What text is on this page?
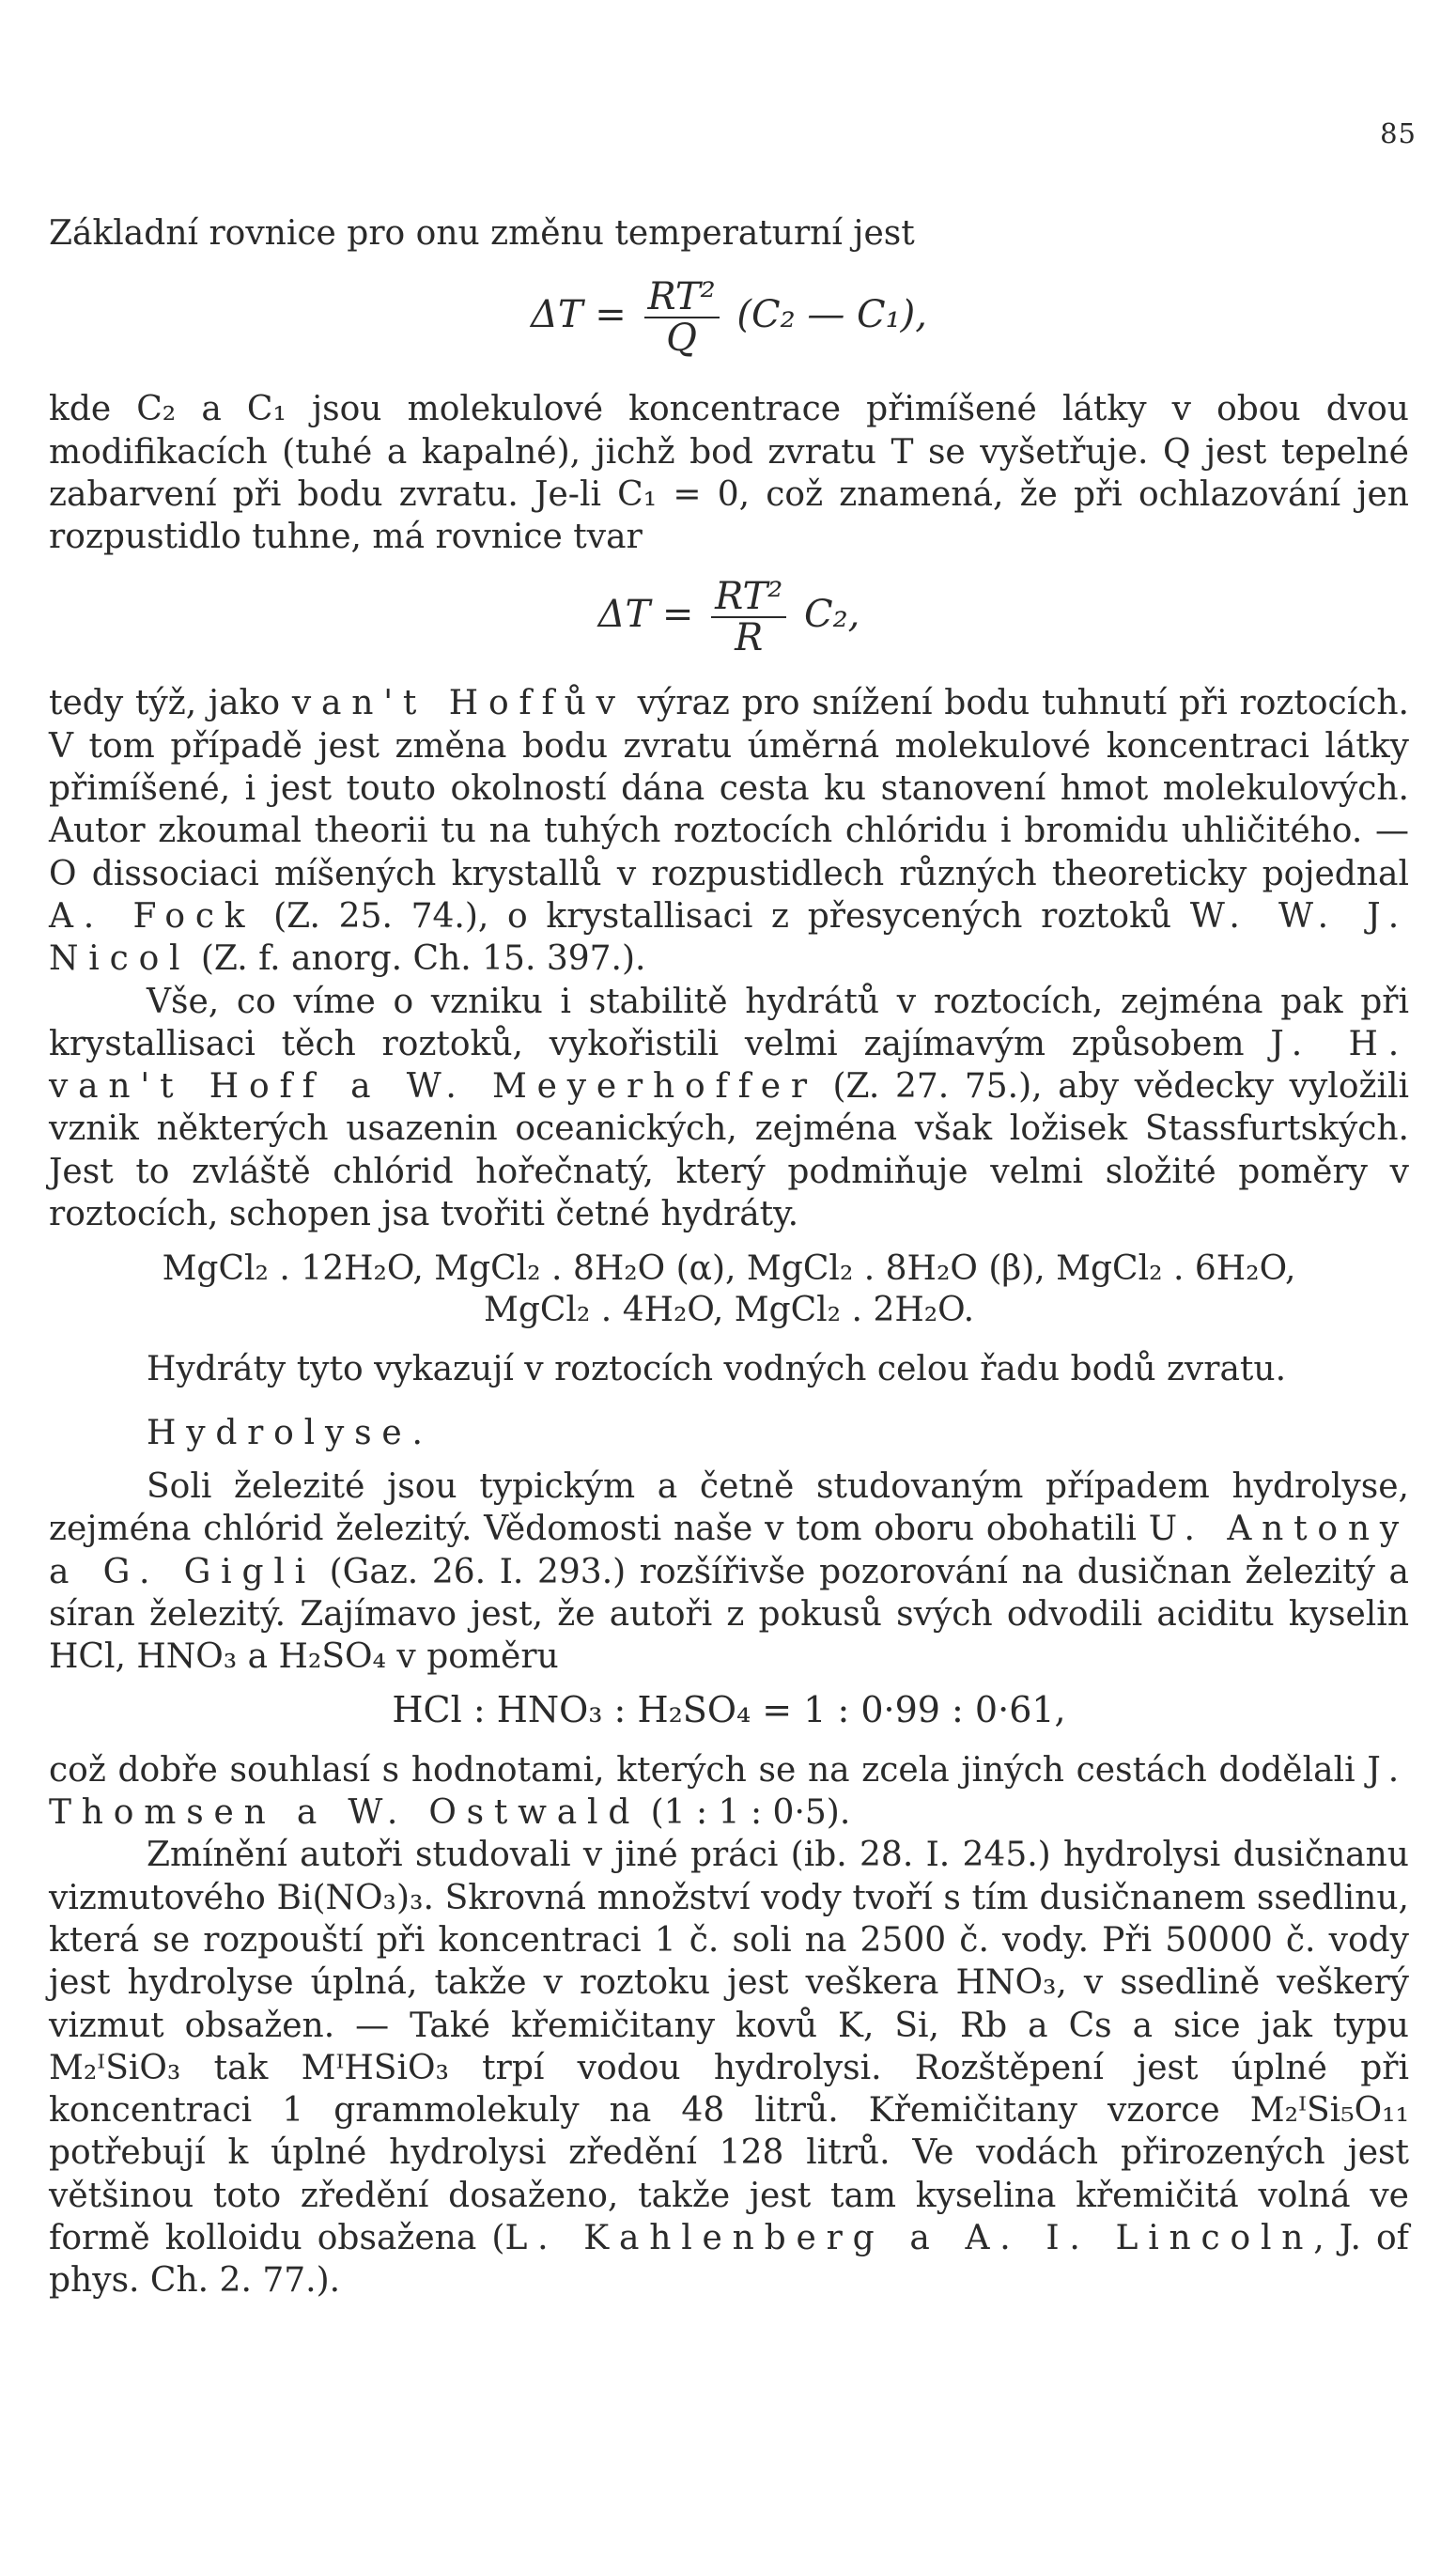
85

Základní rovnice pro onu změnu temperaturní jest

$\Delta T = \frac{\text{RT²}}{Q} (C_2$ — C₁),

kde C₂ a C₁ jsou molekulové koncentrace přimíšené látky v obou dvou modifikacích (tuhé a kapalné), jichž bod zvratu T se vyšetřuje. Q jest tepelné zabarvení při bodu zvratu. Je-li C₁ = 0, což znamená, že při ochlazování jen rozpustidlo tuhne, má rovnice tvar

$\Delta T = \frac{\text{RT²}}{R} C_2$,

tedy týž, jako van't Hoffův výraz pro snížení bodu tuhnutí při roztocích. V tom případě jest změna bodu zvratu úměrná molekulové koncentraci látky přimíšené, i jest touto okolností dána cesta ku stanovení hmot molekulových. Autor zkoumal theorii tu na tuhých roztocích chlóridu i bromidu uhličitého. — O dissociaci míšených krystallů v rozpustidlech různých theoreticky pojednal A. Fock (Z. 25. 74.), o krystallisaci z přesycených roztoků W. W. J. Nicol (Z. f. anorg. Ch. 15. 397.).

Vše, co víme o vzniku i stabilitě hydrátů v roztocích, zejména pak při krystallisaci těch roztoků, vykořistili velmi zajímavým způsobem J. H. van't Hoff a W. Meyerhoffer (Z. 27. 75.), aby vědecky vyložili vznik některých usazenin oceanických, zejména však ložisek Stassfurtských. Jest to zvláště chlórid hořečnatý, který podmiňuje velmi složité poměry v roztocích, schopen jsa tvořiti četné hydráty.

MgCl₂ . 12H₂O, MgCl₂ . 8H₂O (α), MgCl₂ . 8H₂O (β), MgCl₂ . 6H₂O,
MgCl₂ . 4H₂O, MgCl₂ . 2H₂O.

Hydráty tyto vykazují v roztocích vodných celou řadu bodů zvratu.

Hydrolyse.

Soli železité jsou typickým a četně studovaným případem hydrolyse, zejména chlórid železitý. Vědomosti naše v tom oboru obohatili U. Antony a G. Gigli (Gaz. 26. I. 293.) rozšířivše pozorování na dusičnan železitý a síran železitý. Zajímavo jest, že autoři z pokusů svých odvodili aciditu kyselin HCl, HNO₃ a H₂SO₄ v poměru

HCl : HNO₃ : H₂SO₄ = 1 : 0·99 : 0·61,

což dobře souhlasí s hodnotami, kterých se na zcela jiných cestách dodělali J. Thomsen a W. Ostwald (1 : 1 : 0·5).

Zmínění autoři studovali v jiné práci (ib. 28. I. 245.) hydrolysi dusičnanu vizmutového Bi(NO₃)₃. Skrovná množství vody tvoří s tím dusičnanem ssedlinu, která se rozpouští při koncentraci 1 č. soli na 2500 č. vody. Při 50000 č. vody jest hydrolyse úplná, takže v roztoku jest veškera HNO₃, v ssedlině veškerý vizmut obsažen. — Také křemičitany kovů K, Si, Rb a Cs a sice jak typu M₂ᴵSiO₃ tak MᴵHSiO₃ trpí vodou hydrolysi. Rozštěpení jest úplné při koncentraci 1 grammolekuly na 48 litrů. Křemičitany vzorce M₂ᴵSi₅O₁₁ potřebují k úplné hydrolysi zředění 128 litrů. Ve vodách přirozených jest většinou toto zředění dosaženo, takže jest tam kyselina křemičitá volná ve formě kolloidu obsažena (L. Kahlenberg a A. I. Lincoln, J. of phys. Ch. 2. 77.).
